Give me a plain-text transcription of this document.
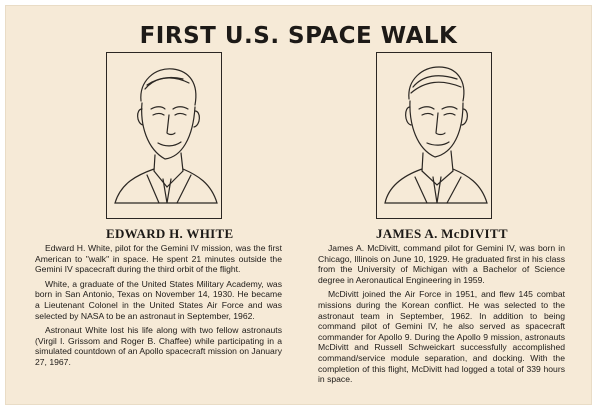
FIRST U.S. SPACE WALK
EDWARD H. WHITE	JAMES A. McDIVITT

Edward H. White, pilot for the Gemini IV mission, was the first American to "walk" in space. He spent 21 minutes outside the Gemini IV spacecraft during the third orbit of the flight.

White, a graduate of the United States Military Academy, was born in San Antonio, Texas on November 14, 1930. He became a Lieutenant Colonel in the United States Air Force and was selected by NASA to be an astronaut in September, 1962.

Astronaut White lost his life along with two fellow astronauts (Virgil I. Grissom and Roger B. Chaffee) while participating in a simulated countdown of an Apollo spacecraft mission on January 27, 1967.

James A. McDivitt, command pilot for Gemini IV, was born in Chicago, Illinois on June 10, 1929. He graduated first in his class from the University of Michigan with a Bachelor of Science degree in Aeronautical Engineering in 1959.

McDivitt joined the Air Force in 1951, and flew 145 combat missions during the Korean conflict. He was selected to the astronaut team in September, 1962. In addition to being command pilot of Gemini IV, he also served as spacecraft commander for Apollo 9. During the Apollo 9 mission, astronauts McDivitt and Russell Schweickart successfully accomplished command/service module separation, and docking. With the completion of this flight, McDivitt had logged a total of 339 hours in space.
